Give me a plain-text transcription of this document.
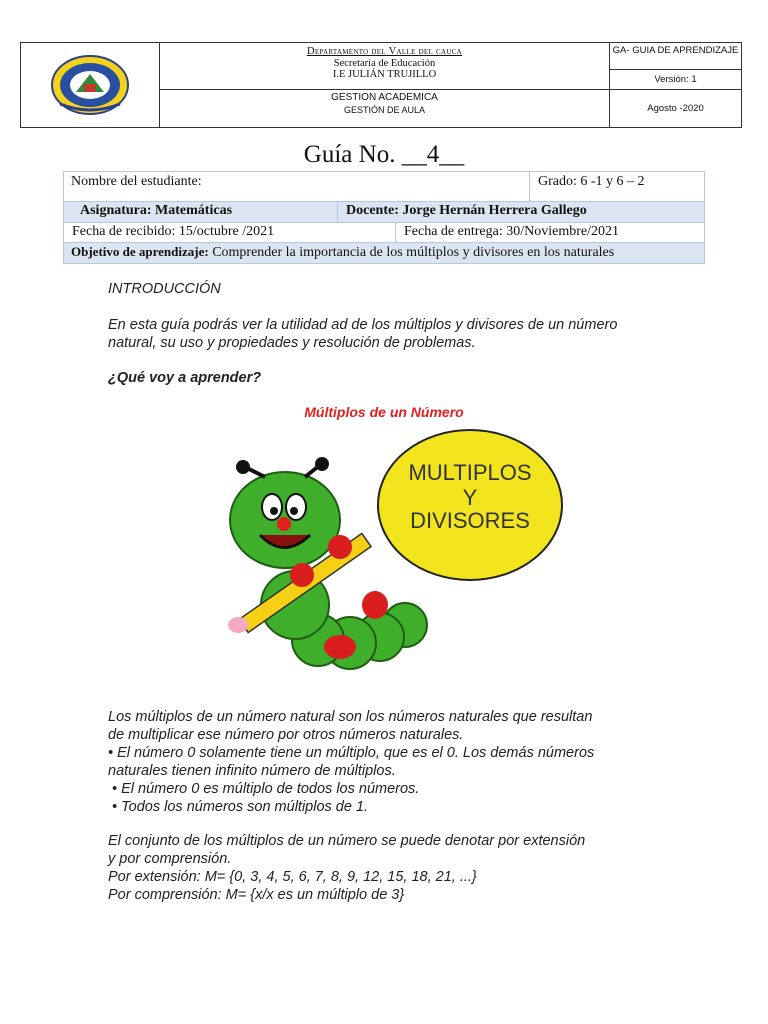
Departamento del Valle del cauca
Secretaría de Educación
I.E JULIÁN TRUJILLO
GESTION ACADEMICA
GESTIÓN DE AULA
GA- GUIA DE APRENDIZAJE
Versión: 1
Agosto -2020
Guía No. __4__
Nombre del estudiante:	Grado: 6 -1 y 6 – 2
Asignatura: Matemáticas	Docente: Jorge Hernán Herrera Gallego
Fecha de recibido: 15/octubre /2021	Fecha de entrega: 30/Noviembre/2021
Objetivo de aprendizaje: Comprender la importancia de los múltiplos y divisores en los naturales
INTRODUCCIÓN
En esta guía podrás ver la utilidad ad de los múltiplos y divisores de un número natural, su uso y propiedades y resolución de problemas.
¿Qué voy a aprender?
Múltiplos de un Número
MULTIPLOS
Y
DIVISORES
Los múltiplos de un número natural son los números naturales que resultan
de multiplicar ese número por otros números naturales.
• El número 0 solamente tiene un múltiplo, que es el 0. Los demás números
naturales tienen infinito número de múltiplos.
• El número 0 es múltiplo de todos los números.
• Todos los números son múltiplos de 1.
El conjunto de los múltiplos de un número se puede denotar por extensión
y por comprensión.
Por extensión: M= {0, 3, 4, 5, 6, 7, 8, 9, 12, 15, 18, 21, ...}
Por comprensión: M= {x/x es un múltiplo de 3}
